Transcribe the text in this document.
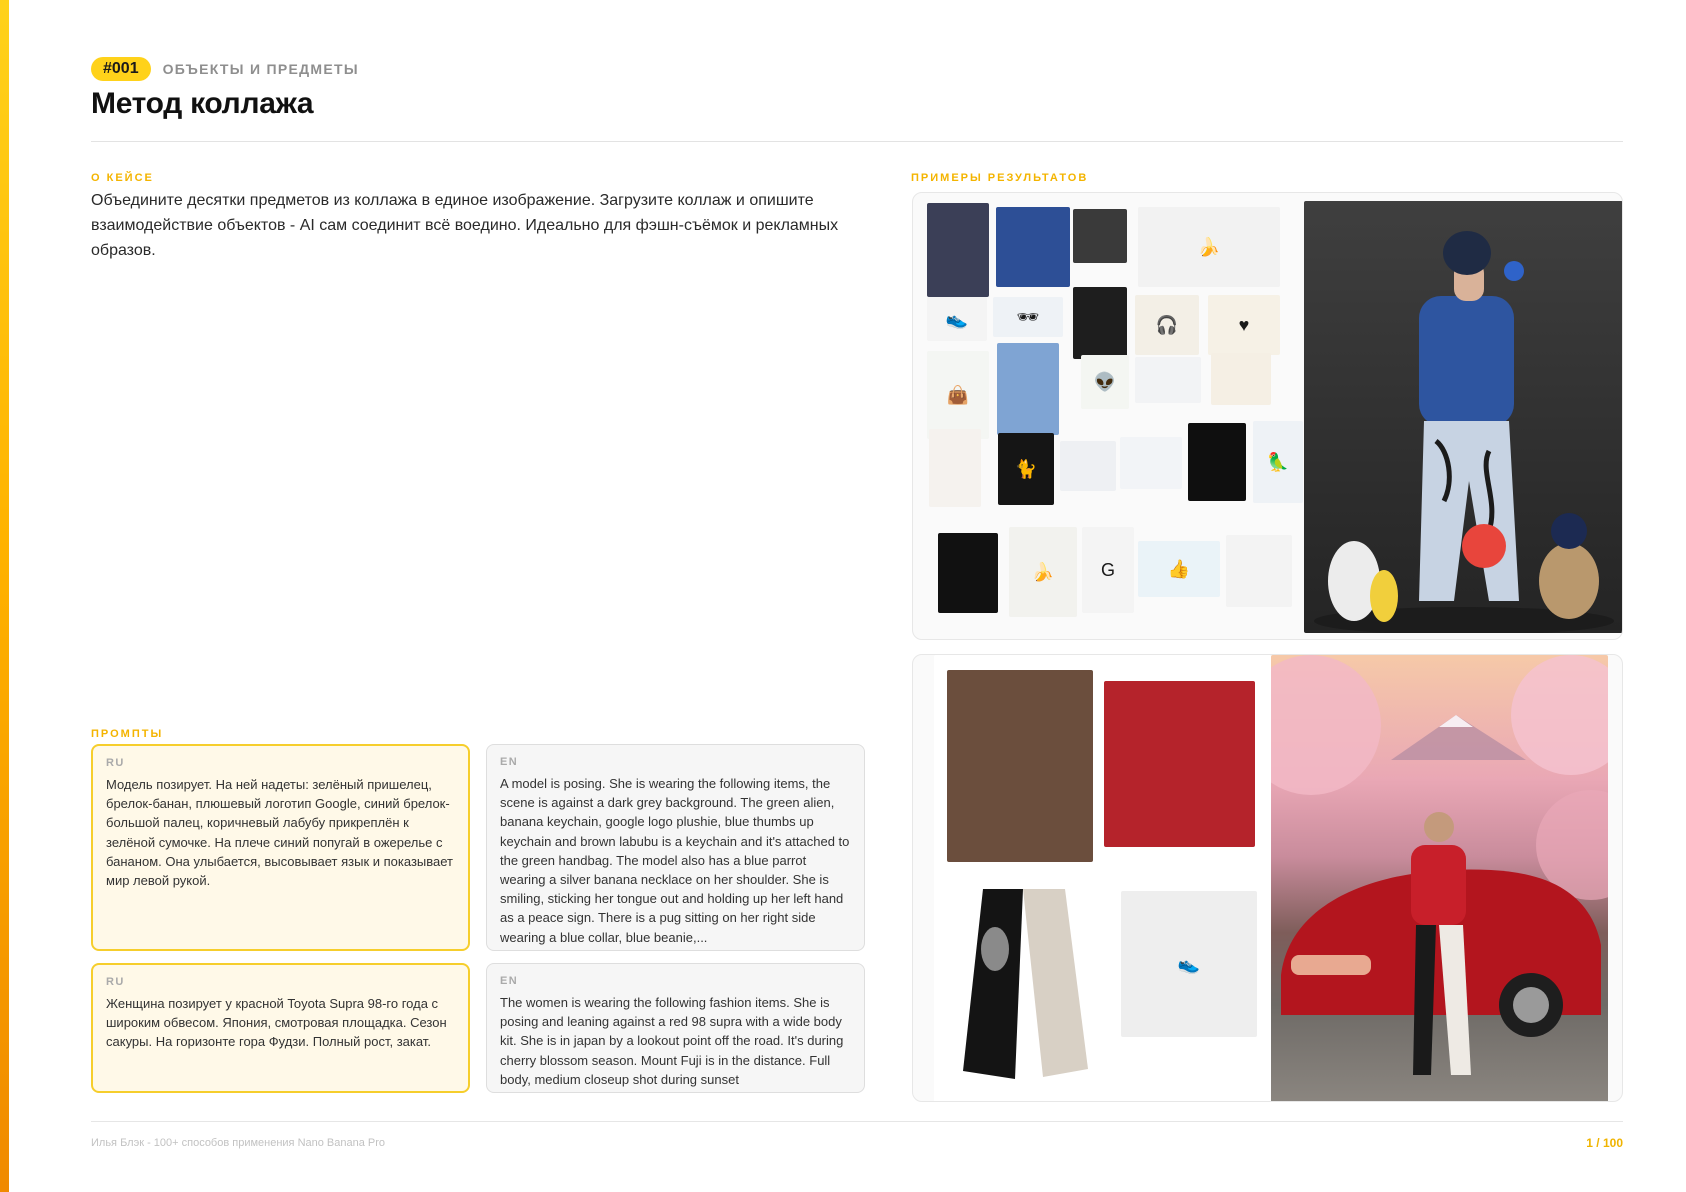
#001	ОБЪЕКТЫ И ПРЕДМЕТЫ
Метод коллажа
О КЕЙСЕ

Объедините десятки предметов из коллажа в единое изображение. Загрузите коллаж и опишите взаимодействие объектов - AI сам соединит всё воедино. Идеально для фэшн-съёмок и рекламных образов.

ПРИМЕРЫ РЕЗУЛЬТАТОВ
🍌
👟	🕶	🎧	♥
👜
👽
🐈	🦜
🍌	G	👍
👟
ПРОМПТЫ
RU
Модель позирует. На ней надеты: зелёный пришелец, брелок-банан, плюшевый логотип Google, синий брелок-большой палец, коричневый лабубу прикреплён к зелёной сумочке. На плече синий попугай в ожерелье с бананом. Она улыбается, высовывает язык и показывает мир левой рукой.
EN
A model is posing. She is wearing the following items, the scene is against a dark grey background. The green alien, banana keychain, google logo plushie, blue thumbs up keychain and brown labubu is a keychain and it's attached to the green handbag. The model also has a blue parrot wearing a silver banana necklace on her shoulder. She is smiling, sticking her tongue out and holding up her left hand as a peace sign. There is a pug sitting on her right side wearing a blue collar, blue beanie,...
RU
Женщина позирует у красной Toyota Supra 98-го года с широким обвесом. Япония, смотровая площадка. Сезон сакуры. На горизонте гора Фудзи. Полный рост, закат.
EN
The women is wearing the following fashion items. She is posing and leaning against a red 98 supra with a wide body kit. She is in japan by a lookout point off the road. It's during cherry blossom season. Mount Fuji is in the distance. Full body, medium closeup shot during sunset
Илья Блэк - 100+ способов применения Nano Banana Pro	1 / 100
